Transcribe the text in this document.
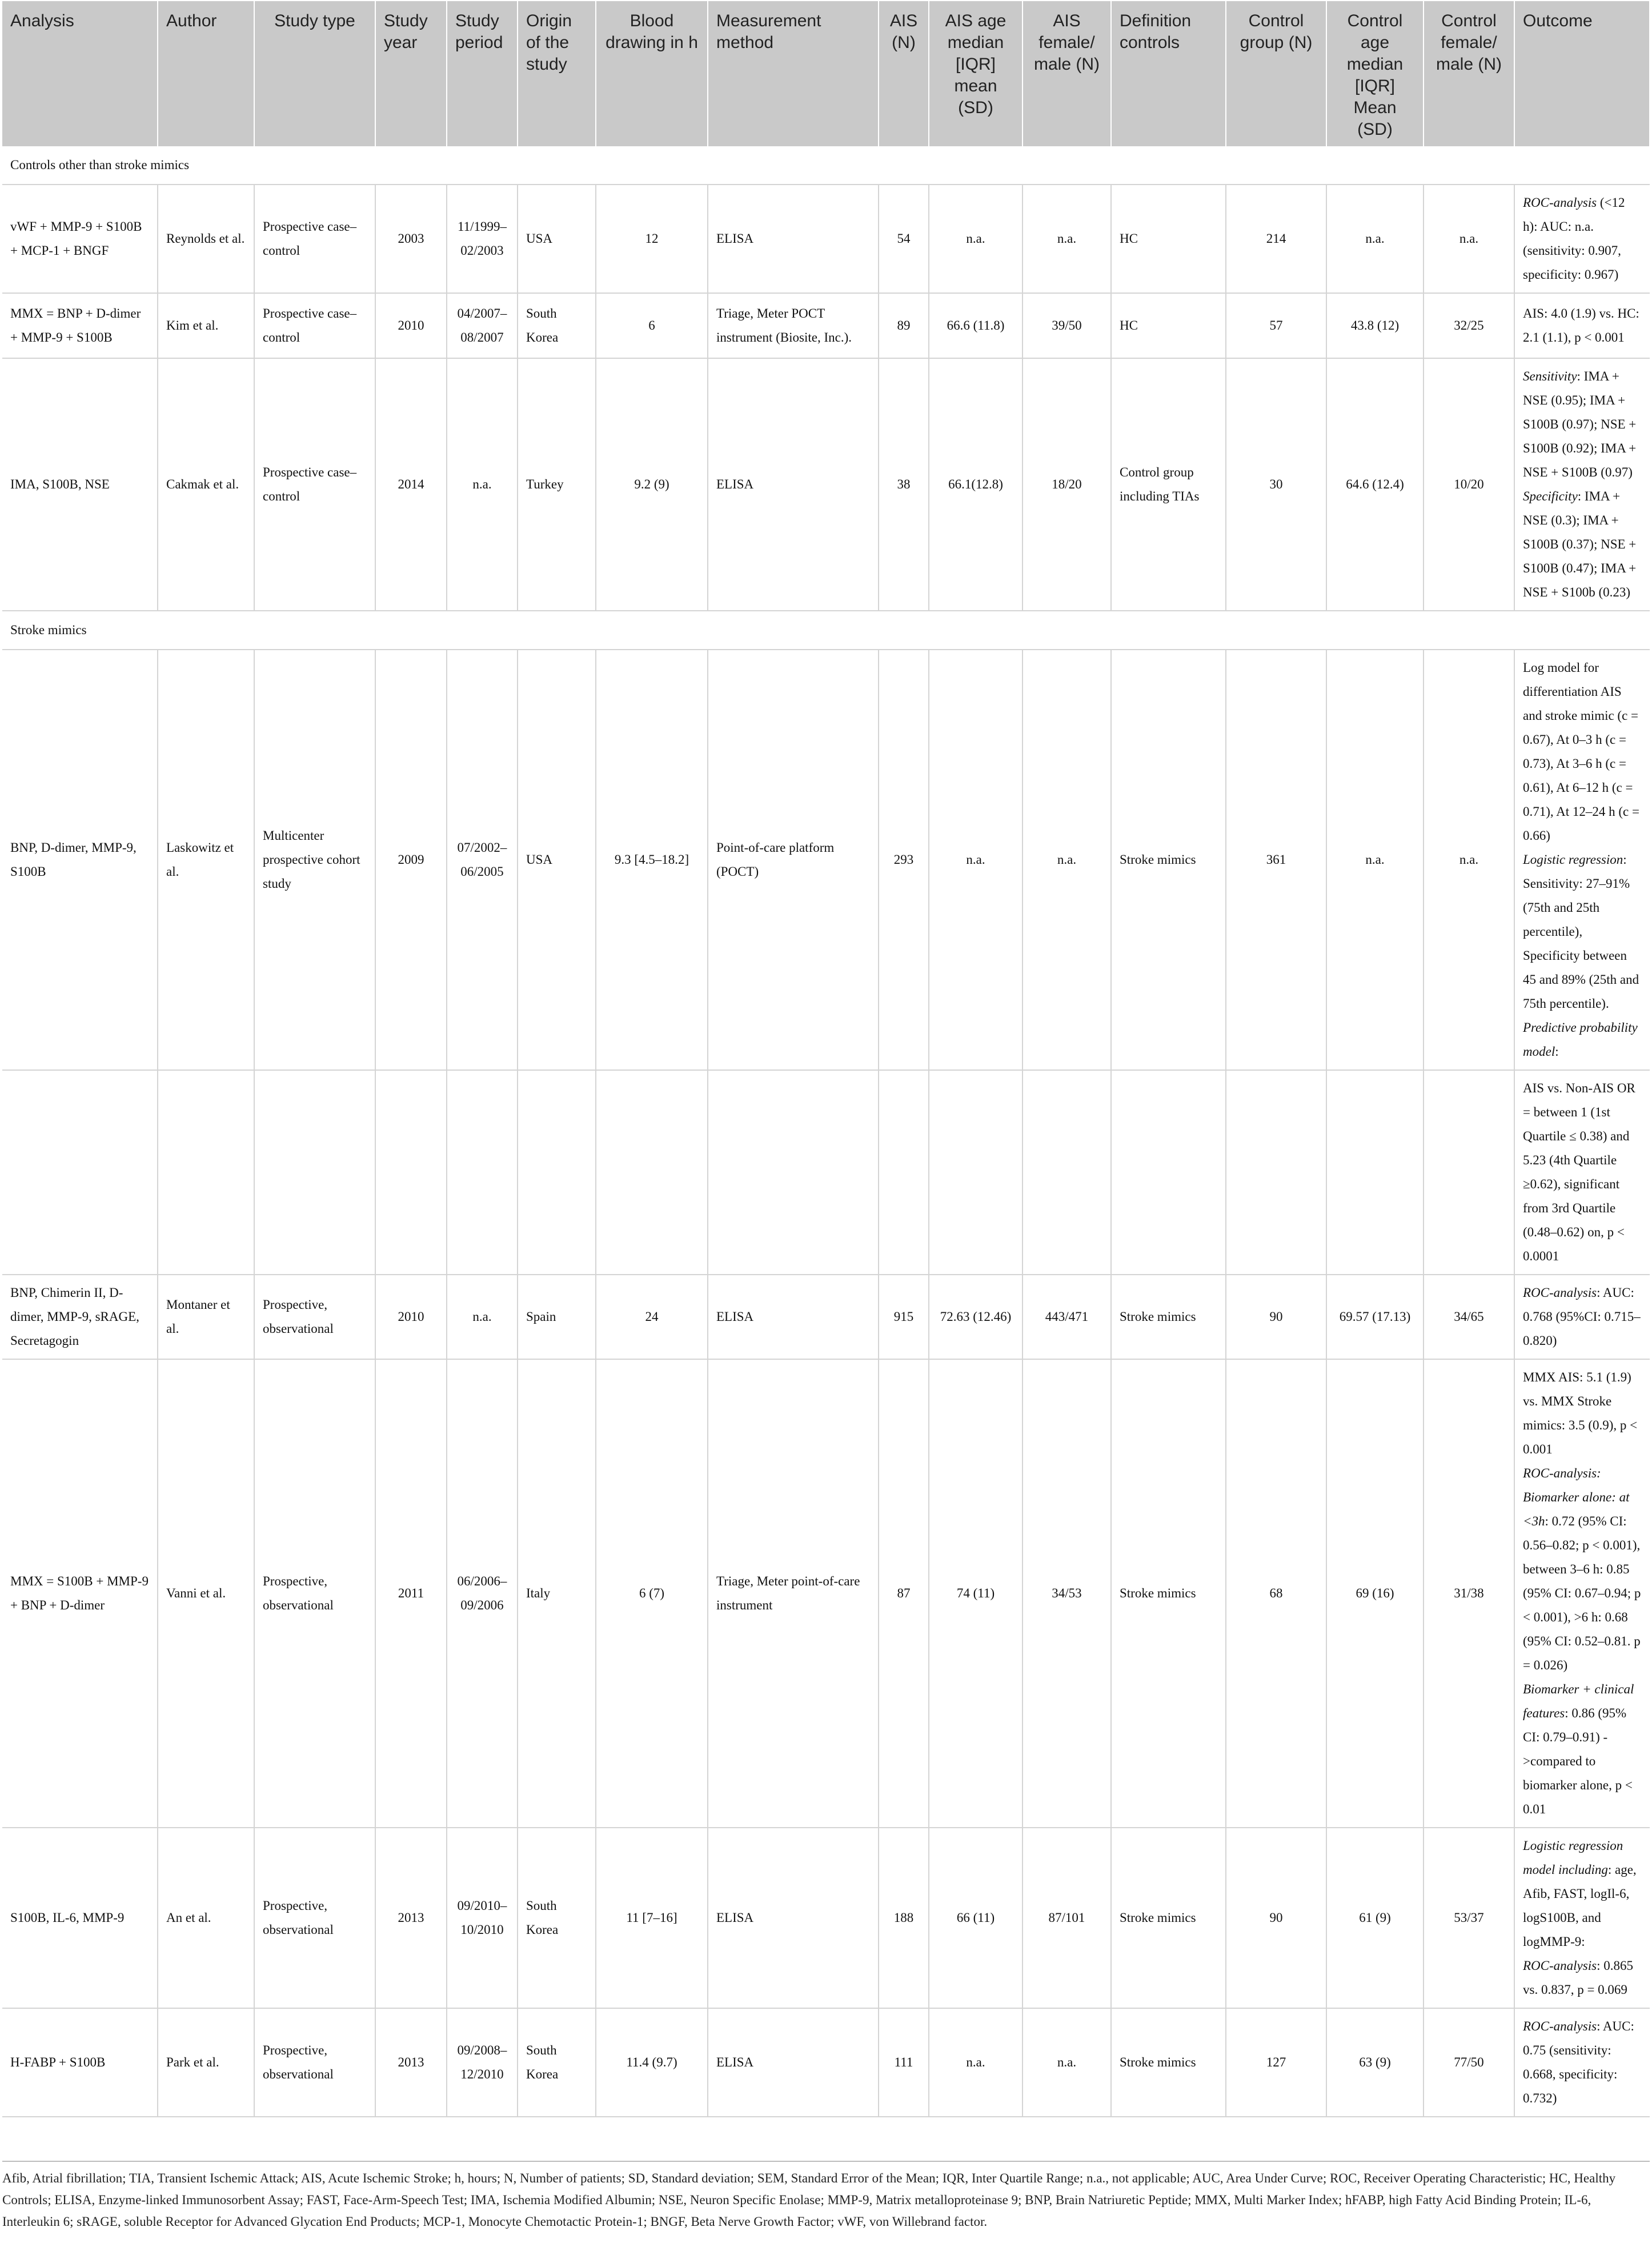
Analysis	Author	Study type	Study year	Study period	Origin of the study	Blood drawing in h	Measurement method	AIS (N)	AIS age median [IQR] mean (SD)	AIS female/ male (N)	Definition controls	Control group (N)	Control age median [IQR] Mean (SD)	Control female/ male (N)	Outcome
Controls other than stroke mimics															
vWF + MMP-9 + S100B + MCP-1 + BNGF	Reynolds et al.	Prospective case–control	2003	11/1999–02/2003	USA	12	ELISA	54	n.a.	n.a.	HC	214	n.a.	n.a.	ROC-analysis (<12 h): AUC: n.a. (sensitivity: 0.907, specificity: 0.967)

MMX = BNP + D-dimer + MMP-9 + S100B	Kim et al.	Prospective case–control	2010	04/2007–08/2007	South Korea	6	Triage, Meter POCT instrument (Biosite, Inc.).	89	66.6 (11.8)	39/50	HC	57	43.8 (12)	32/25	AIS: 4.0 (1.9) vs. HC: 2.1 (1.1), p < 0.001

IMA, S100B, NSE	Cakmak et al.	Prospective case–control	2014	n.a.	Turkey	9.2 (9)	ELISA	38	66.1(12.8)	18/20	Control group including TIAs	30	64.6 (12.4)	10/20	Sensitivity: IMA + NSE (0.95); IMA + S100B (0.97); NSE + S100B (0.92); IMA + NSE + S100B (0.97)
Specificity: IMA + NSE (0.3); IMA + S100B (0.37); NSE + S100B (0.47); IMA + NSE + S100b (0.23)

Stroke mimics															
BNP, D-dimer, MMP-9, S100B	Laskowitz et al.	Multicenter prospective cohort study	2009	07/2002–06/2005	USA	9.3 [4.5–18.2]	Point-of-care platform (POCT)	293	n.a.	n.a.	Stroke mimics	361	n.a.	n.a.	Log model for differentiation AIS and stroke mimic (c = 0.67), At 0–3 h (c = 0.73), At 3–6 h (c = 0.61), At 6–12 h (c = 0.71), At 12–24 h (c = 0.66)
Logistic regression: Sensitivity: 27–91% (75th and 25th percentile), Specificity between 45 and 89% (25th and 75th percentile).
Predictive probability model:

															AIS vs. Non-AIS OR = between 1 (1st Quartile ≤ 0.38) and 5.23 (4th Quartile ≥0.62), significant from 3rd Quartile (0.48–0.62) on, p < 0.0001

BNP, Chimerin II, D-dimer, MMP-9, sRAGE, Secretagogin	Montaner et al.	Prospective, observational	2010	n.a.	Spain	24	ELISA	915	72.63 (12.46)	443/471	Stroke mimics	90	69.57 (17.13)	34/65	ROC-analysis: AUC: 0.768 (95%CI: 0.715–0.820)

MMX = S100B + MMP-9 + BNP + D-dimer	Vanni et al.	Prospective, observational	2011	06/2006–09/2006	Italy	6 (7)	Triage, Meter point-of-care instrument	87	74 (11)	34/53	Stroke mimics	68	69 (16)	31/38	MMX AIS: 5.1 (1.9) vs. MMX Stroke mimics: 3.5 (0.9), p < 0.001
ROC-analysis: Biomarker alone: at <3h: 0.72 (95% CI: 0.56–0.82; p < 0.001), between 3–6 h: 0.85 (95% CI: 0.67–0.94; p < 0.001), >6 h: 0.68 (95% CI: 0.52–0.81. p = 0.026)
Biomarker + clinical features: 0.86 (95% CI: 0.79–0.91) ->compared to biomarker alone, p < 0.01

S100B, IL-6, MMP-9	An et al.	Prospective, observational	2013	09/2010–10/2010	South Korea	11 [7–16]	ELISA	188	66 (11)	87/101	Stroke mimics	90	61 (9)	53/37	Logistic regression model including: age, Afib, FAST, logIl-6, logS100B, and logMMP-9:
ROC-analysis: 0.865 vs. 0.837, p = 0.069

H-FABP + S100B	Park et al.	Prospective, observational	2013	09/2008–12/2010	South Korea	11.4 (9.7)	ELISA	111	n.a.	n.a.	Stroke mimics	127	63 (9)	77/50	ROC-analysis: AUC: 0.75 (sensitivity: 0.668, specificity: 0.732)
Afib, Atrial fibrillation; TIA, Transient Ischemic Attack; AIS, Acute Ischemic Stroke; h, hours; N, Number of patients; SD, Standard deviation; SEM, Standard Error of the Mean; IQR, Inter Quartile Range; n.a., not applicable; AUC, Area Under Curve; ROC, Receiver Operating Characteristic; HC, Healthy Controls; ELISA, Enzyme-linked Immunosorbent Assay; FAST, Face-Arm-Speech Test; IMA, Ischemia Modified Albumin; NSE, Neuron Specific Enolase; MMP-9, Matrix metalloproteinase 9; BNP, Brain Natriuretic Peptide; MMX, Multi Marker Index; hFABP, high Fatty Acid Binding Protein; IL-6, Interleukin 6; sRAGE, soluble Receptor for Advanced Glycation End Products; MCP-1, Monocyte Chemotactic Protein-1; BNGF, Beta Nerve Growth Factor; vWF, von Willebrand factor.
